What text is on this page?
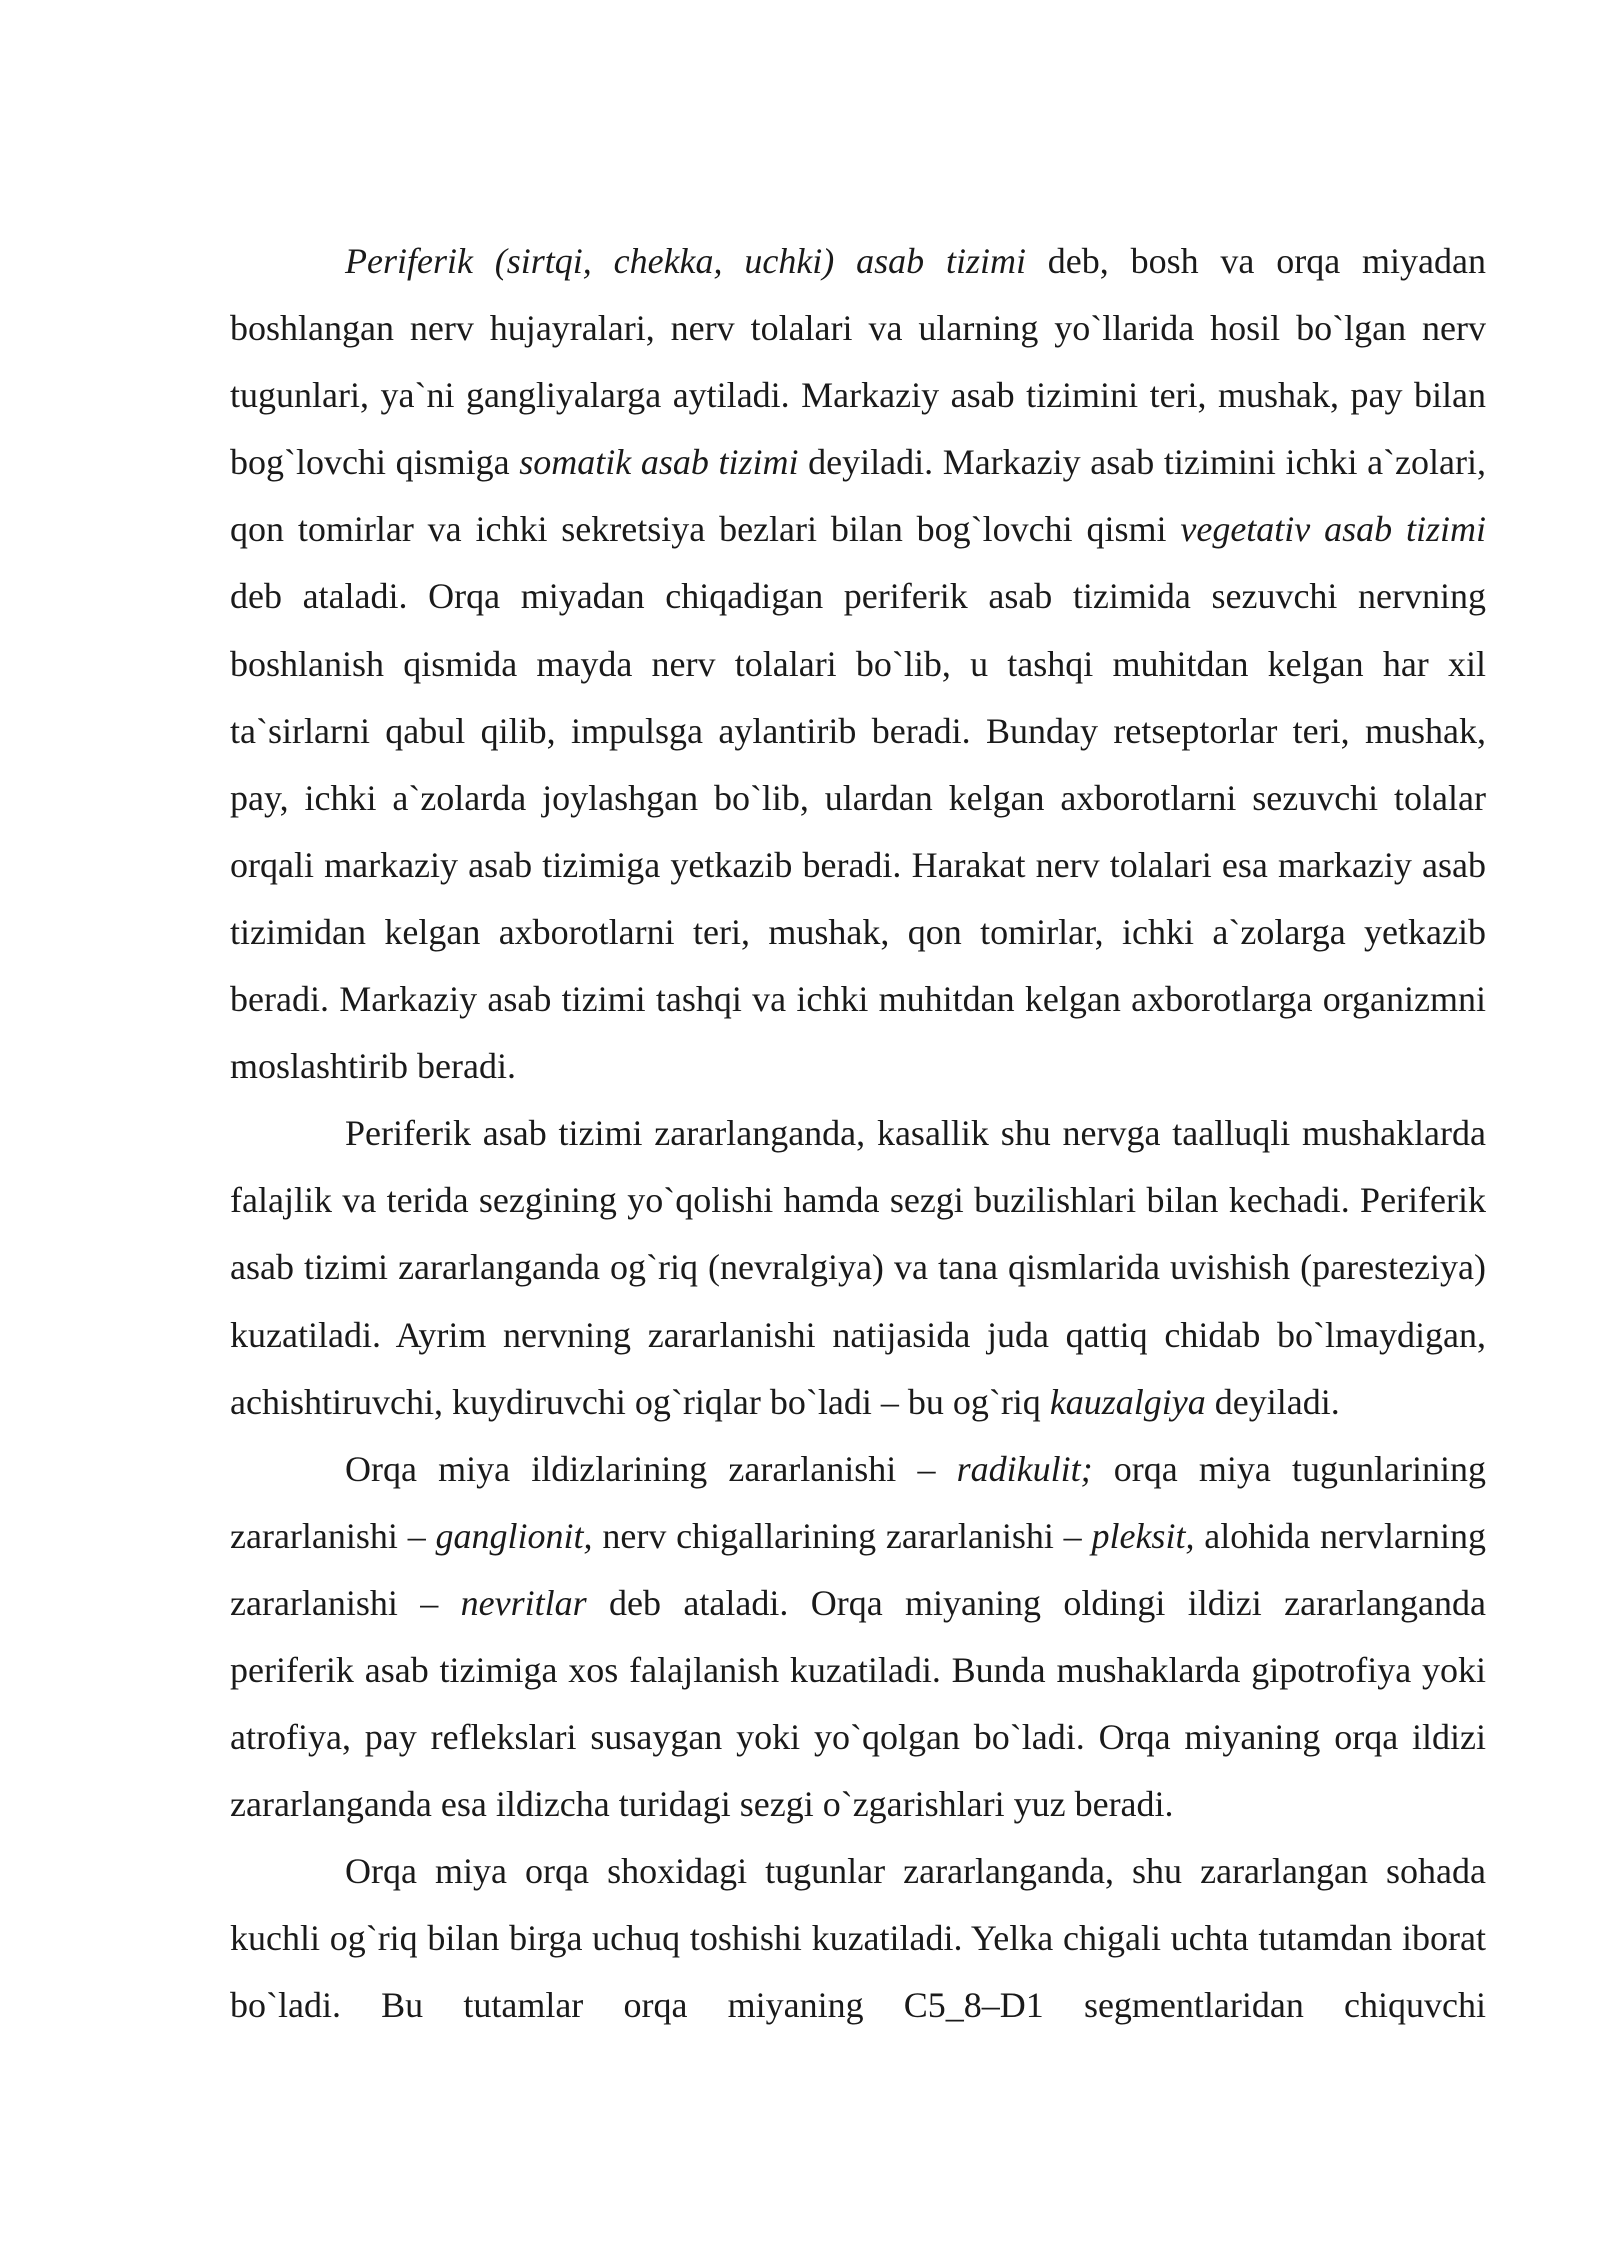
Periferik (sirtqi, chekka, uchki) asab tizimi deb, bosh va orqa miyadan boshlangan nerv hujayralari, nerv tolalari va ularning yo`llarida hosil bo`lgan nerv tugunlari, ya`ni gangliyalarga aytiladi. Markaziy asab tizimini teri, mushak, pay bilan bog`lovchi qismiga somatik asab tizimi deyiladi. Markaziy asab tizimini ichki a`zolari, qon tomirlar va ichki sekretsiya bezlari bilan bog`lovchi qismi vegetativ asab tizimi deb ataladi. Orqa miyadan chiqadigan periferik asab tizimida sezuvchi nervning boshlanish qismida mayda nerv tolalari bo`lib, u tashqi muhitdan kelgan har xil ta`sirlarni qabul qilib, impulsga aylantirib beradi. Bunday retseptorlar teri, mushak, pay, ichki a`zolarda joylashgan bo`lib, ulardan kelgan axborotlarni sezuvchi tolalar orqali markaziy asab tizimiga yetkazib beradi. Harakat nerv tolalari esa markaziy asab tizimidan kelgan axborotlarni teri, mushak, qon tomirlar, ichki a`zolarga yetkazib beradi. Markaziy asab tizimi tashqi va ichki muhitdan kelgan axborotlarga organizmni moslashtirib beradi.

Periferik asab tizimi zararlanganda, kasallik shu nervga taalluqli mushaklarda falajlik va terida sezgining yo`qolishi hamda sezgi buzilishlari bilan kechadi. Periferik asab tizimi zararlanganda og`riq (nevralgiya) va tana qismlarida uvishish (paresteziya) kuzatiladi. Ayrim nervning zararlanishi natijasida juda qattiq chidab bo`lmaydigan, achishtiruvchi, kuydiruvchi og`riqlar bo`ladi – bu og`riq kauzalgiya deyiladi.

Orqa miya ildizlarining zararlanishi – radikulit; orqa miya tugunlarining zararlanishi – ganglionit, nerv chigallarining zararlanishi – pleksit, alohida nervlarning zararlanishi – nevritlar deb ataladi. Orqa miyaning oldingi ildizi zararlanganda periferik asab tizimiga xos falajlanish kuzatiladi. Bunda mushaklarda gipotrofiya yoki atrofiya, pay reflekslari susaygan yoki yo`qolgan bo`ladi. Orqa miyaning orqa ildizi zararlanganda esa ildizcha turidagi sezgi o`zgarishlari yuz beradi.

Orqa miya orqa shoxidagi tugunlar zararlanganda, shu zararlangan sohada kuchli og`riq bilan birga uchuq toshishi kuzatiladi. Yelka chigali uchta tutamdan iborat bo`ladi. Bu tutamlar orqa miyaning C5_8–D1 segmentlaridan chiquvchi
